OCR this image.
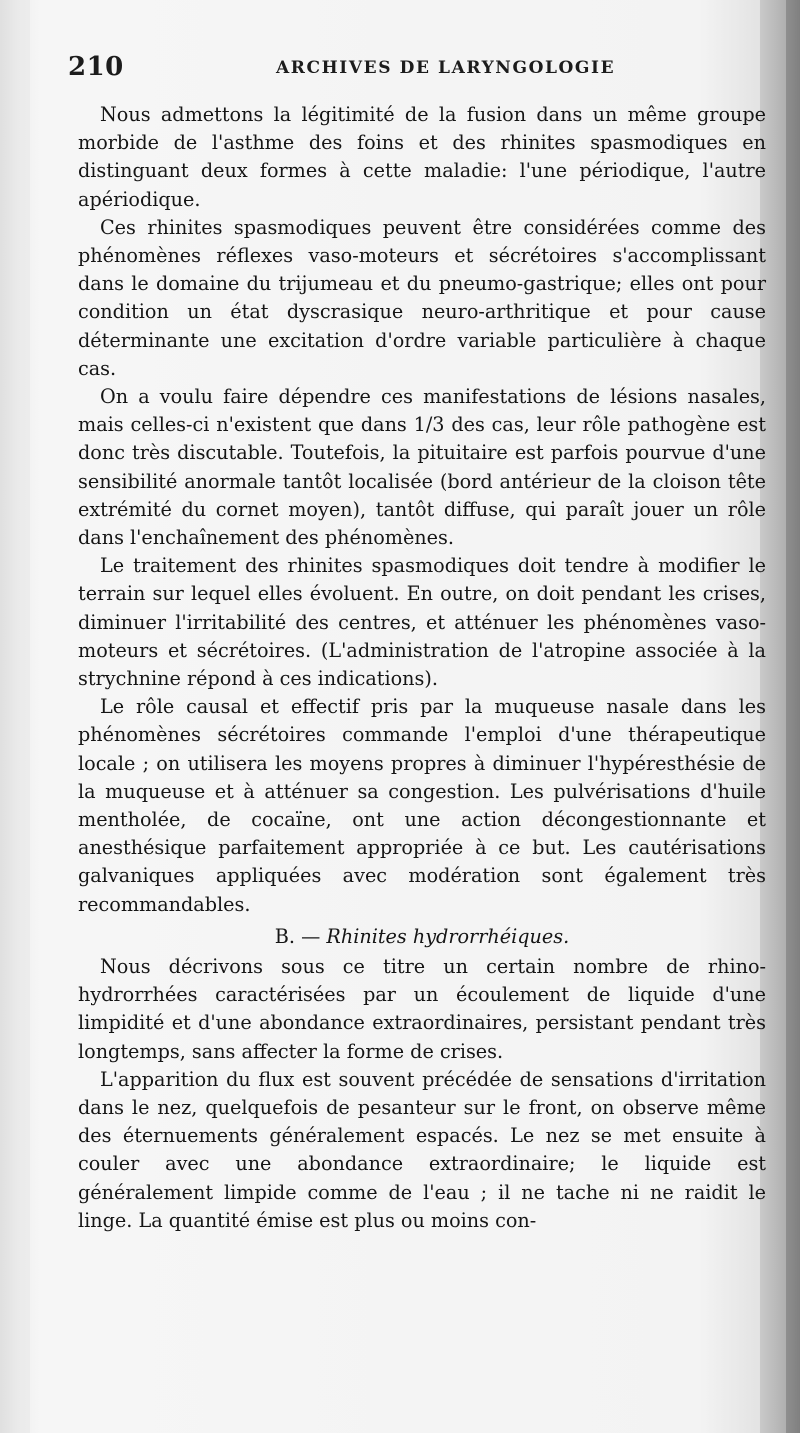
210	ARCHIVES DE LARYNGOLOGIE

Nous admettons la légitimité de la fusion dans un même groupe morbide de l'asthme des foins et des rhinites spasmodiques en distinguant deux formes à cette maladie: l'une périodique, l'autre apériodique.

Ces rhinites spasmodiques peuvent être considérées comme des phénomènes réflexes vaso-moteurs et sécrétoires s'accomplissant dans le domaine du trijumeau et du pneumo-gastrique; elles ont pour condition un état dyscrasique neuro-arthritique et pour cause déterminante une excitation d'ordre variable particulière à chaque cas.

On a voulu faire dépendre ces manifestations de lésions nasales, mais celles-ci n'existent que dans 1/3 des cas, leur rôle pathogène est donc très discutable. Toutefois, la pituitaire est parfois pourvue d'une sensibilité anormale tantôt localisée (bord antérieur de la cloison tête extrémité du cornet moyen), tantôt diffuse, qui paraît jouer un rôle dans l'enchaînement des phénomènes.

Le traitement des rhinites spasmodiques doit tendre à modifier le terrain sur lequel elles évoluent. En outre, on doit pendant les crises, diminuer l'irritabilité des centres, et atténuer les phénomènes vaso-moteurs et sécrétoires. (L'administration de l'atropine associée à la strychnine répond à ces indications).

Le rôle causal et effectif pris par la muqueuse nasale dans les phénomènes sécrétoires commande l'emploi d'une thérapeutique locale ; on utilisera les moyens propres à diminuer l'hypéresthésie de la muqueuse et à atténuer sa congestion. Les pulvérisations d'huile mentholée, de cocaïne, ont une action décongestionnante et anesthésique parfaitement appropriée à ce but. Les cautérisations galvaniques appliquées avec modération sont également très recommandables.

B. — Rhinites hydrorrhéiques.

Nous décrivons sous ce titre un certain nombre de rhino-hydrorrhées caractérisées par un écoulement de liquide d'une limpidité et d'une abondance extraordinaires, persistant pendant très longtemps, sans affecter la forme de crises.

L'apparition du flux est souvent précédée de sensations d'irritation dans le nez, quelquefois de pesanteur sur le front, on observe même des éternuements généralement espacés. Le nez se met ensuite à couler avec une abondance extraordinaire; le liquide est généralement limpide comme de l'eau ; il ne tache ni ne raidit le linge. La quantité émise est plus ou moins con-
